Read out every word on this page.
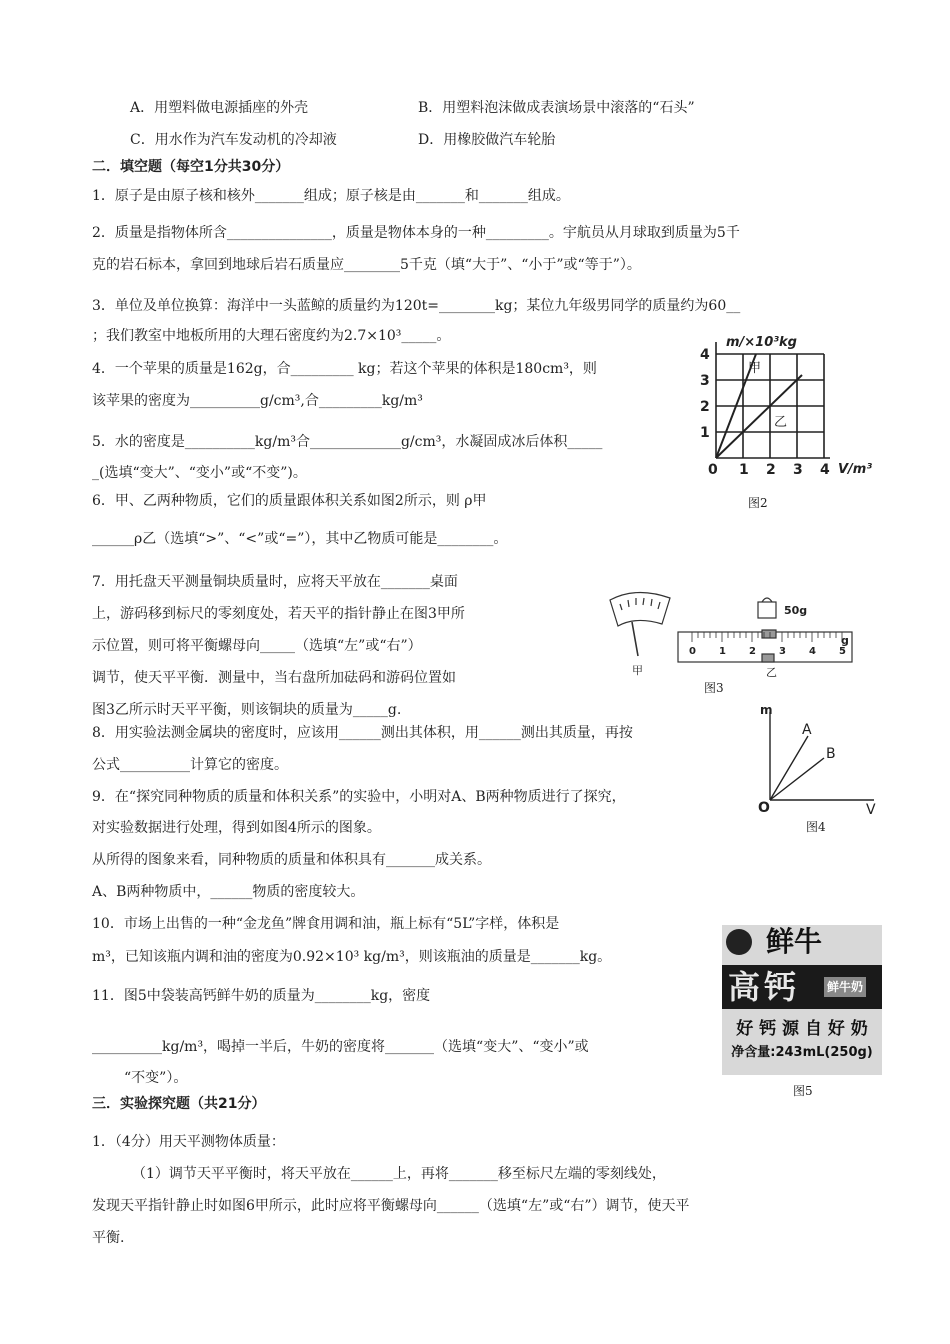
A．用塑料做电源插座的外壳	B．用塑料泡沫做成表演场景中滚落的“石头”
C．用水作为汽车发动机的冷却液	D．用橡胶做汽车轮胎
二．填空题（每空1分共30分）
1．原子是由原子核和核外_______组成；原子核是由_______和_______组成。
2．质量是指物体所含_______________，质量是物体本身的一种_________。宇航员从月球取到质量为5千
克的岩石标本，拿回到地球后岩石质量应________5千克（填“大于”、“小于”或“等于”）。
3．单位及单位换算：海洋中一头蓝鲸的质量约为120t=________kg；某位九年级男同学的质量约为60__
；我们教室中地板所用的大理石密度约为2.7×10³_____。
4．一个苹果的质量是162g，合_________ kg；若这个苹果的体积是180cm³，则
该苹果的密度为__________g/cm³,合_________kg/m³
5．水的密度是__________kg/m³合_____________g/cm³，水凝固成冰后体积_____
_(选填“变大”、“变小”或“不变”)。
6．甲、乙两种物质，它们的质量跟体积关系如图2所示，则 ρ甲
______ρ乙（选填“>”、“<”或“=”），其中乙物质可能是________。
7．用托盘天平测量铜块质量时，应将天平放在_______桌面
上，游码移到标尺的零刻度处，若天平的指针静止在图3甲所
示位置，则可将平衡螺母向_____（选填“左”或“右”）
调节，使天平平衡．测量中，当右盘所加砝码和游码位置如
图3乙所示时天平平衡，则该铜块的质量为_____g.
8．用实验法测金属块的密度时，应该用______测出其体积，用______测出其质量，再按
公式__________计算它的密度。
9．在“探究同种物质的质量和体积关系”的实验中，小明对A、B两种物质进行了探究，
对实验数据进行处理，得到如图4所示的图象。
从所得的图象来看，同种物质的质量和体积具有_______成关系。
A、B两种物质中，______物质的密度较大。
10．市场上出售的一种“金龙鱼”牌食用调和油，瓶上标有“5L”字样，体积是
m³，已知该瓶内调和油的密度为0.92×10³ kg/m³，则该瓶油的质量是_______kg。
11．图5中袋装高钙鲜牛奶的质量为________kg，密度
__________kg/m³，喝掉一半后，牛奶的密度将_______（选填“变大”、“变小”或
“不变”）。
三．实验探究题（共21分）
1．（4分）用天平测物体质量：
（1）调节天平平衡时，将天平放在______上，再将_______移至标尺左端的零刻线处，
发现天平指针静止时如图6甲所示，此时应将平衡螺母向______（选填“左”或“右”）调节，使天平
平衡.
m/×10³kg
甲
乙
0	V/m³
1 2 3 4
1
2
3
4
图2
0 1 2 3 4 5
50g
g
甲	乙
图3
m
A
B
O	V
图4
鲜牛
高钙 鲜牛奶
好 钙 源 自 好 奶
净含量:243mL(250g)
图5
